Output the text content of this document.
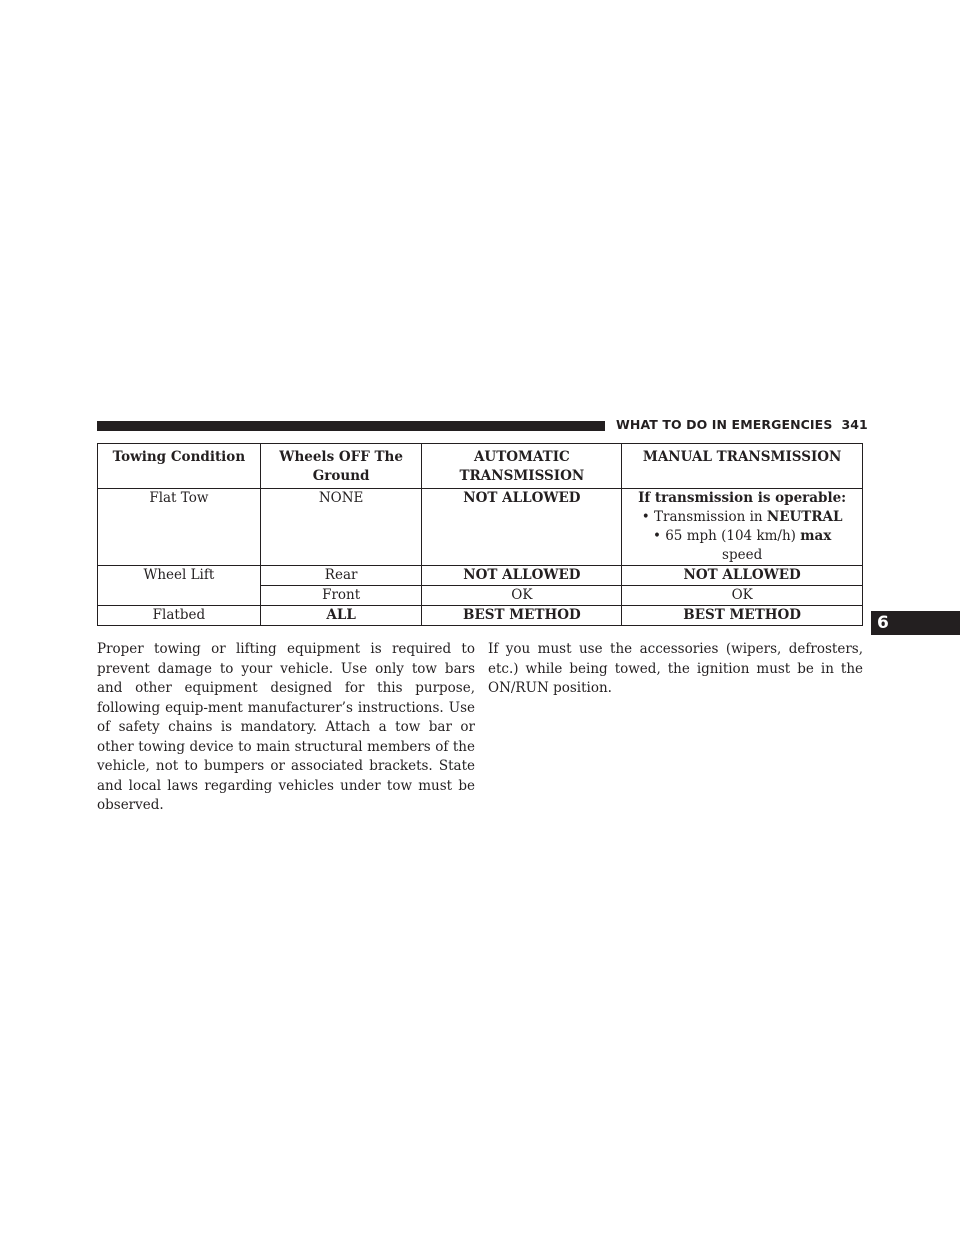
WHAT TO DO IN EMERGENCIES 341
6
Towing Condition	Wheels OFF The Ground	AUTOMATIC TRANSMISSION	MANUAL TRANSMISSION
Flat Tow	NONE	NOT ALLOWED	If transmission is operable:
• Transmission in NEUTRAL
• 65 mph (104 km/h) max
speed

Wheel Lift	Rear	NOT ALLOWED	NOT ALLOWED
	Front	OK	OK
Flatbed	ALL	BEST METHOD	BEST METHOD

Proper towing or lifting equipment is required to prevent damage to your vehicle. Use only tow bars and other equipment designed for this purpose, following equip-ment manufacturer’s instructions. Use of safety chains is mandatory. Attach a tow bar or other towing device to main structural members of the vehicle, not to bumpers or associated brackets. State and local laws regarding vehicles under tow must be observed.

If you must use the accessories (wipers, defrosters, etc.) while being towed, the ignition must be in the ON/RUN position.
